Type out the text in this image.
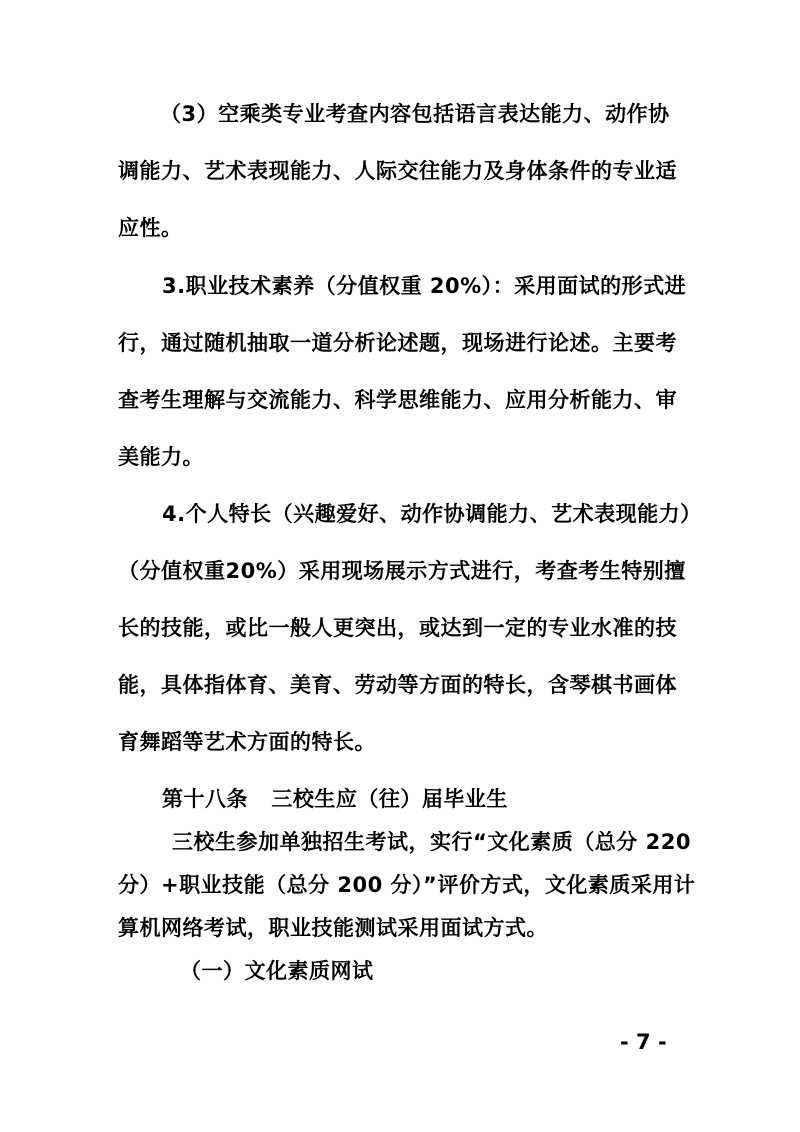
（3）空乘类专业考查内容包括语言表达能力、动作协
调能力、艺术表现能力、人际交往能力及身体条件的专业适
应性。
3.职业技术素养（分值权重 20%）：采用面试的形式进
行，通过随机抽取一道分析论述题，现场进行论述。主要考
查考生理解与交流能力、科学思维能力、应用分析能力、审
美能力。
4.个人特长（兴趣爱好、动作协调能力、艺术表现能力）
（分值权重20%）采用现场展示方式进行，考查考生特别擅
长的技能，或比一般人更突出，或达到一定的专业水准的技
能，具体指体育、美育、劳动等方面的特长，含琴棋书画体
育舞蹈等艺术方面的特长。
第十八条   三校生应（往）届毕业生
三校生参加单独招生考试，实行“文化素质（总分 220
分）+职业技能（总分 200 分）”评价方式，文化素质采用计
算机网络考试，职业技能测试采用面试方式。
（一）文化素质网试
- 7 -
